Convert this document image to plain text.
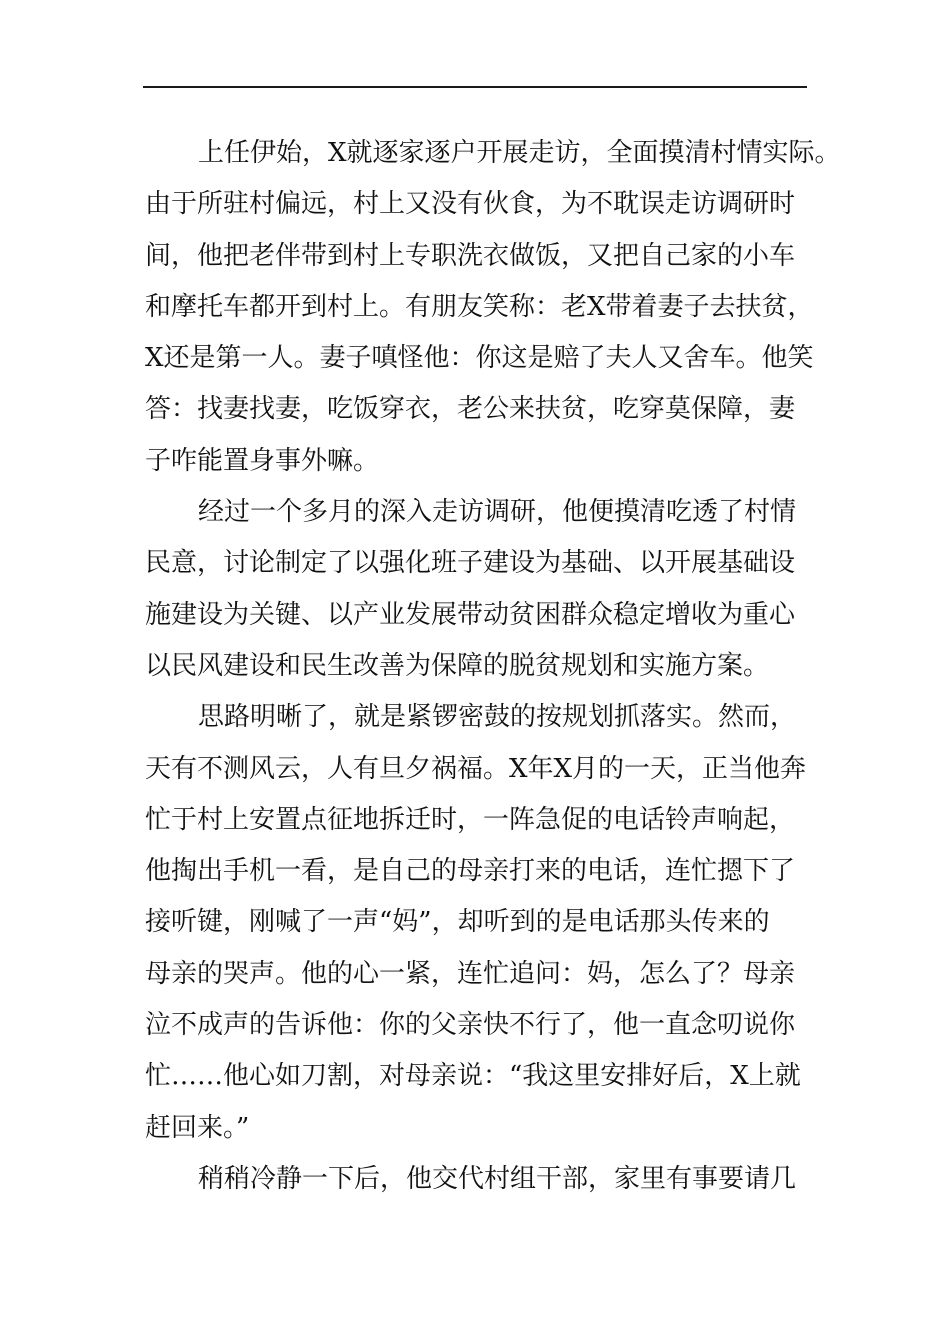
上任伊始，X就逐家逐户开展走访，全面摸清村情实际。
由于所驻村偏远，村上又没有伙食，为不耽误走访调研时
间，他把老伴带到村上专职洗衣做饭，又把自己家的小车
和摩托车都开到村上。有朋友笑称：老X带着妻子去扶贫，
X还是第一人。妻子嗔怪他：你这是赔了夫人又舍车。他笑
答：找妻找妻，吃饭穿衣，老公来扶贫，吃穿莫保障，妻
子咋能置身事外嘛。
经过一个多月的深入走访调研，他便摸清吃透了村情
民意，讨论制定了以强化班子建设为基础、以开展基础设
施建设为关键、以产业发展带动贫困群众稳定增收为重心
以民风建设和民生改善为保障的脱贫规划和实施方案。
思路明晰了，就是紧锣密鼓的按规划抓落实。然而，
天有不测风云，人有旦夕祸福。X年X月的一天，正当他奔
忙于村上安置点征地拆迁时，一阵急促的电话铃声响起，
他掏出手机一看，是自己的母亲打来的电话，连忙摁下了
接听键，刚喊了一声“妈”，却听到的是电话那头传来的
母亲的哭声。他的心一紧，连忙追问：妈，怎么了？母亲
泣不成声的告诉他：你的父亲快不行了，他一直念叨说你
忙……他心如刀割，对母亲说：“我这里安排好后，X上就
赶回来。”
稍稍冷静一下后，他交代村组干部，家里有事要请几
